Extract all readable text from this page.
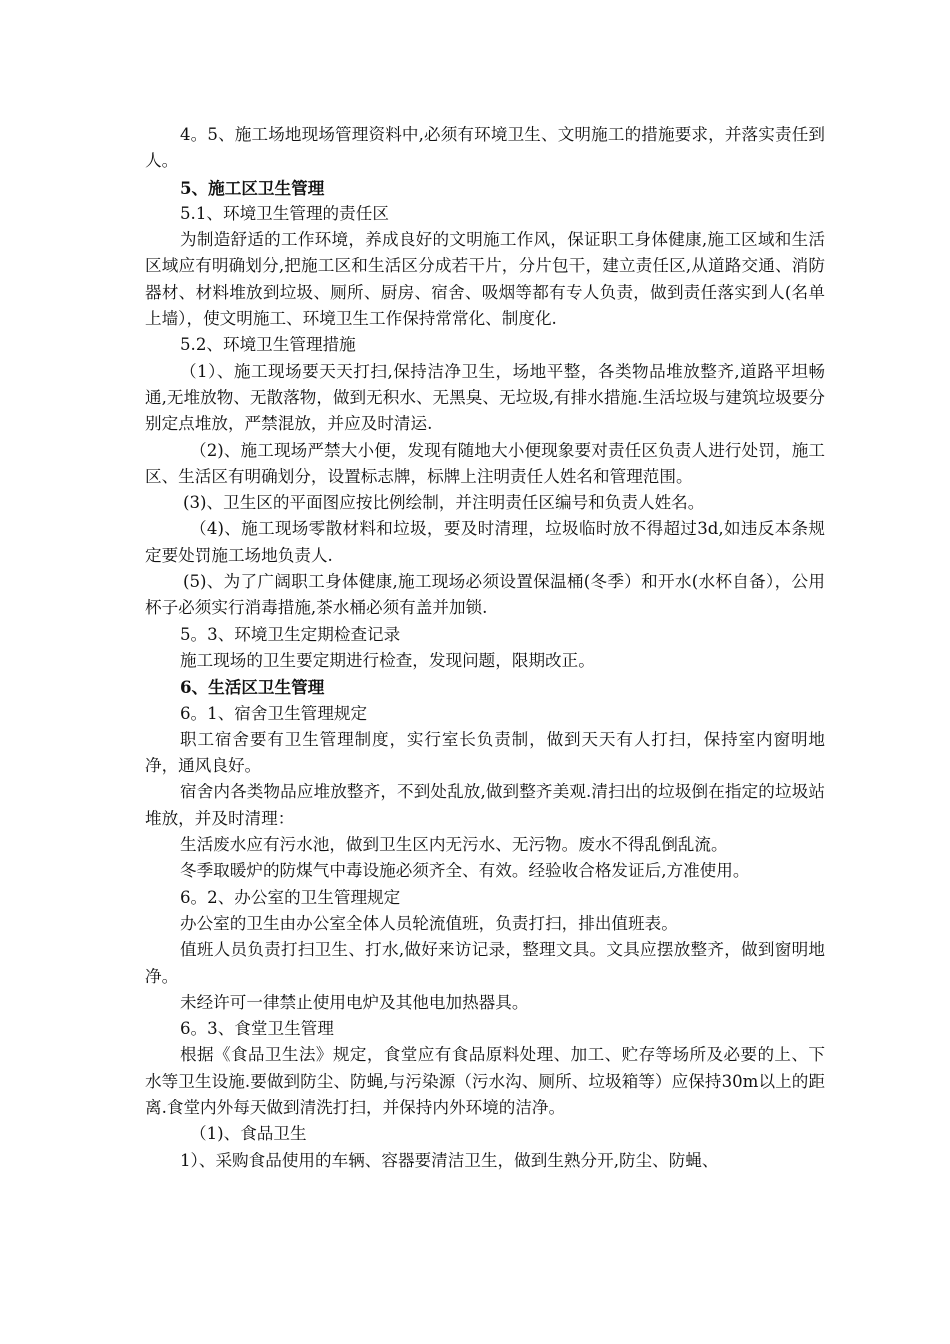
4。5、施工场地现场管理资料中,必须有环境卫生、文明施工的措施要求，并落实责任到人。

5、施工区卫生管理

5.1、环境卫生管理的责任区

为制造舒适的工作环境，养成良好的文明施工作风，保证职工身体健康,施工区域和生活区域应有明确划分,把施工区和生活区分成若干片，分片包干，建立责任区,从道路交通、消防器材、材料堆放到垃圾、厕所、厨房、宿舍、吸烟等都有专人负责，做到责任落实到人(名单上墙），使文明施工、环境卫生工作保持常常化、制度化.

5.2、环境卫生管理措施

（1）、施工现场要天天打扫,保持洁净卫生，场地平整，各类物品堆放整齐,道路平坦畅通,无堆放物、无散落物，做到无积水、无黑臭、无垃圾,有排水措施.生活垃圾与建筑垃圾要分别定点堆放，严禁混放，并应及时清运.

（2)、施工现场严禁大小便，发现有随地大小便现象要对责任区负责人进行处罚，施工区、生活区有明确划分，设置标志牌，标牌上注明责任人姓名和管理范围。

(3)、卫生区的平面图应按比例绘制，并注明责任区编号和负责人姓名。

（4)、施工现场零散材料和垃圾，要及时清理，垃圾临时放不得超过3d,如违反本条规定要处罚施工场地负责人.

(5)、为了广阔职工身体健康,施工现场必须设置保温桶(冬季）和开水(水杯自备），公用杯子必须实行消毒措施,茶水桶必须有盖并加锁.

5。3、环境卫生定期检查记录

施工现场的卫生要定期进行检查，发现问题，限期改正。

6、生活区卫生管理

6。1、宿舍卫生管理规定

职工宿舍要有卫生管理制度，实行室长负责制，做到天天有人打扫，保持室内窗明地净，通风良好。

宿舍内各类物品应堆放整齐，不到处乱放,做到整齐美观.清扫出的垃圾倒在指定的垃圾站堆放，并及时清理：

生活废水应有污水池，做到卫生区内无污水、无污物。废水不得乱倒乱流。

冬季取暖炉的防煤气中毒设施必须齐全、有效。经验收合格发证后,方准使用。

6。2、办公室的卫生管理规定

办公室的卫生由办公室全体人员轮流值班，负责打扫，排出值班表。

值班人员负责打扫卫生、打水,做好来访记录，整理文具。文具应摆放整齐，做到窗明地净。

未经许可一律禁止使用电炉及其他电加热器具。

6。3、食堂卫生管理

根据《食品卫生法》规定，食堂应有食品原料处理、加工、贮存等场所及必要的上、下水等卫生设施.要做到防尘、防蝇,与污染源（污水沟、厕所、垃圾箱等）应保持30m以上的距离.食堂内外每天做到清洗打扫，并保持内外环境的洁净。

（1)、食品卫生

1）、采购食品使用的车辆、容器要清洁卫生，做到生熟分开,防尘、防蝇、
